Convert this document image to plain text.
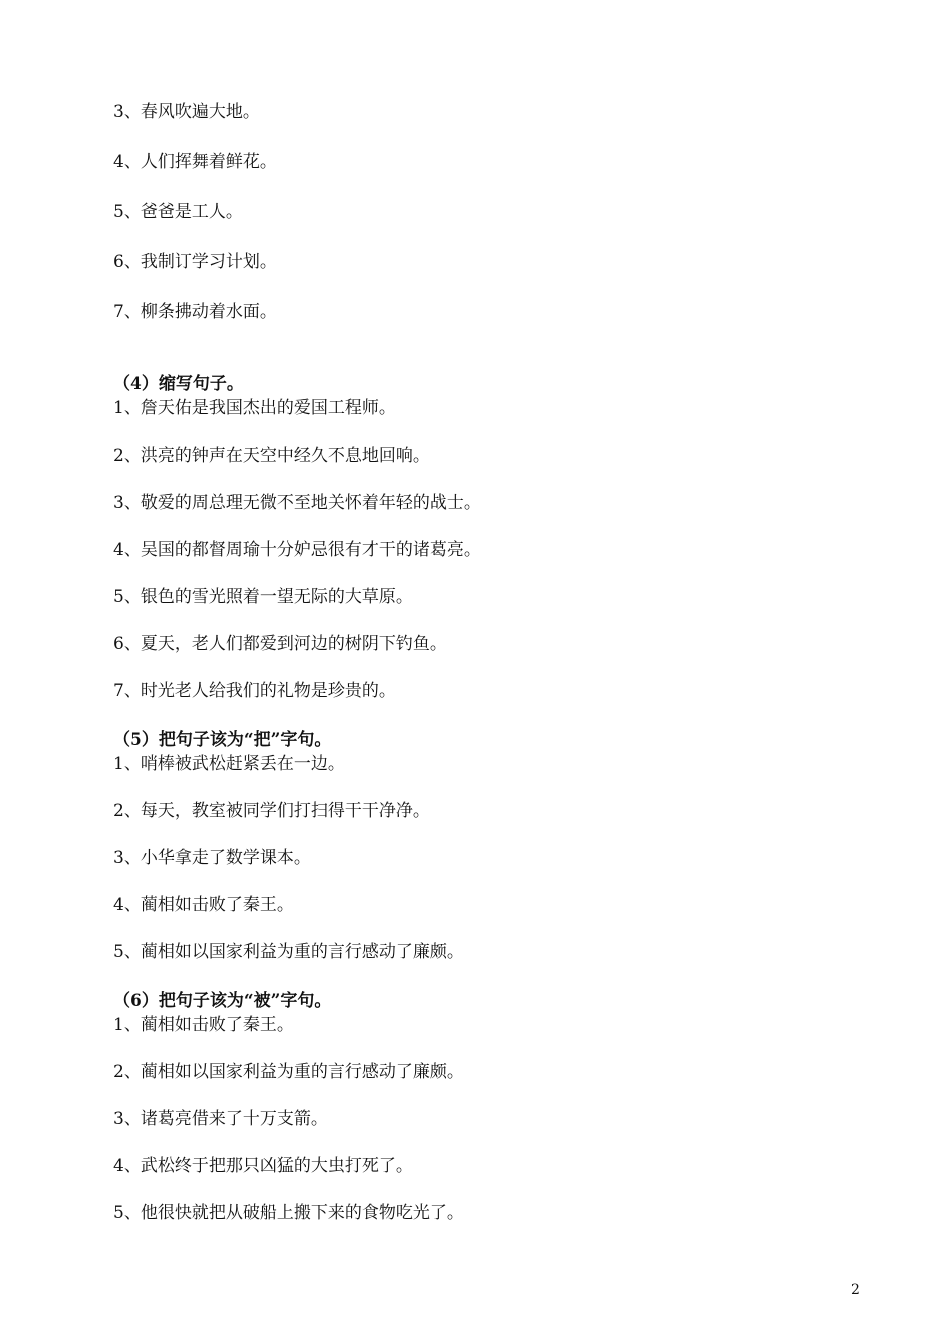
3、春风吹遍大地。
4、人们挥舞着鲜花。
5、爸爸是工人。
6、我制订学习计划。
7、柳条拂动着水面。
（4）缩写句子。
1、詹天佑是我国杰出的爱国工程师。
2、洪亮的钟声在天空中经久不息地回响。
3、敬爱的周总理无微不至地关怀着年轻的战士。
4、吴国的都督周瑜十分妒忌很有才干的诸葛亮。
5、银色的雪光照着一望无际的大草原。
6、夏天，老人们都爱到河边的树阴下钓鱼。
7、时光老人给我们的礼物是珍贵的。
（5）把句子该为“把”字句。
1、哨棒被武松赶紧丢在一边。
2、每天，教室被同学们打扫得干干净净。
3、小华拿走了数学课本。
4、蔺相如击败了秦王。
5、蔺相如以国家利益为重的言行感动了廉颇。
（6）把句子该为“被”字句。
1、蔺相如击败了秦王。
2、蔺相如以国家利益为重的言行感动了廉颇。
3、诸葛亮借来了十万支箭。
4、武松终于把那只凶猛的大虫打死了。
5、他很快就把从破船上搬下来的食物吃光了。
2
